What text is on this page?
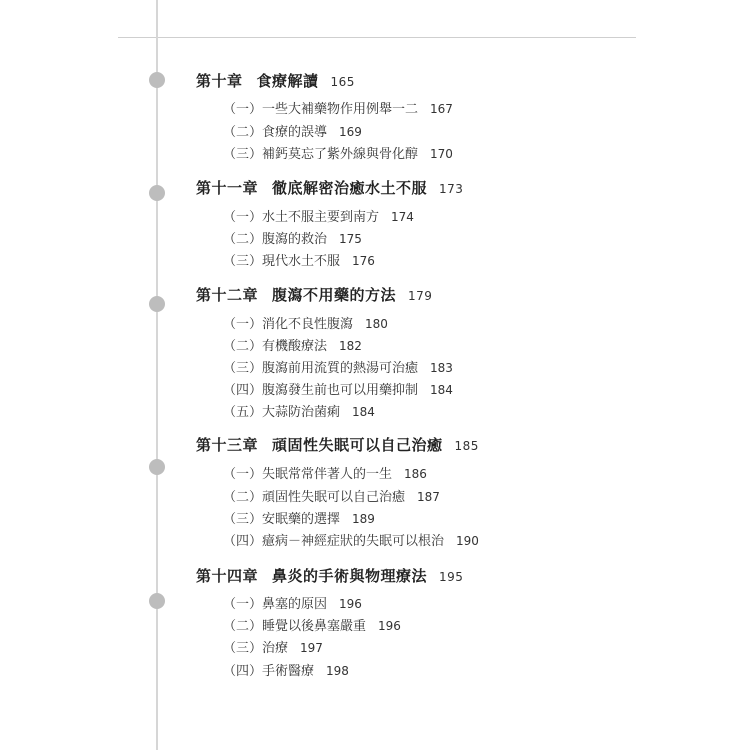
第十章 食療解讀 165
（一）一些大補藥物作用例舉一二 167
（二）食療的誤導 169
（三）補鈣莫忘了紫外線與骨化醇 170
第十一章 徹底解密治癒水土不服 173
（一）水土不服主要到南方 174
（二）腹瀉的救治 175
（三）現代水土不服 176
第十二章 腹瀉不用藥的方法 179
（一）消化不良性腹瀉 180
（二）有機酸療法 182
（三）腹瀉前用流質的熱湯可治癒 183
（四）腹瀉發生前也可以用藥抑制 184
（五）大蒜防治菌痢 184
第十三章 頑固性失眠可以自己治癒 185
（一）失眠常常伴著人的一生 186
（二）頑固性失眠可以自己治癒 187
（三）安眠藥的選擇 189
（四）癔病－神經症狀的失眠可以根治 190
第十四章 鼻炎的手術與物理療法 195
（一）鼻塞的原因 196
（二）睡覺以後鼻塞嚴重 196
（三）治療 197
（四）手術醫療 198
